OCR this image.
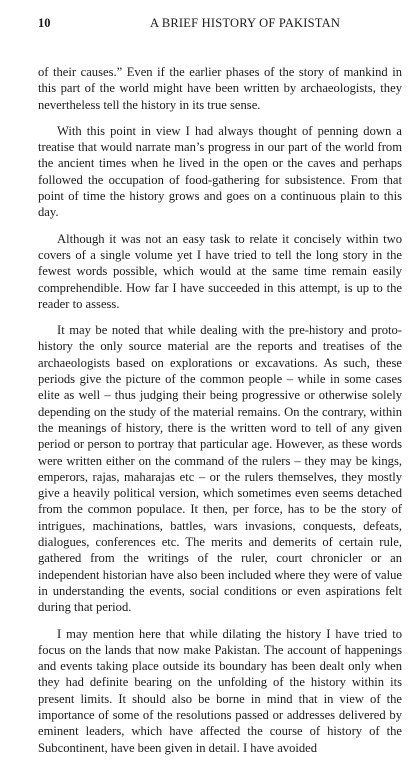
10	A BRIEF HISTORY OF PAKISTAN

of their causes.” Even if the earlier phases of the story of mankind in this part of the world might have been written by archaeologists, they nevertheless tell the history in its true sense.

With this point in view I had always thought of penning down a treatise that would narrate man’s progress in our part of the world from the ancient times when he lived in the open or the caves and perhaps followed the occupation of food-gathering for subsistence. From that point of time the history grows and goes on a continuous plain to this day.

Although it was not an easy task to relate it concisely within two covers of a single volume yet I have tried to tell the long story in the fewest words possible, which would at the same time remain easily comprehendible. How far I have succeeded in this attempt, is up to the reader to assess.

It may be noted that while dealing with the pre-history and proto-history the only source material are the reports and treatises of the archaeologists based on explorations or excavations. As such, these periods give the picture of the common people – while in some cases elite as well – thus judging their being progressive or otherwise solely depending on the study of the material remains. On the contrary, within the meanings of history, there is the written word to tell of any given period or person to portray that particular age. However, as these words were written either on the command of the rulers – they may be kings, emperors, rajas, maharajas etc – or the rulers themselves, they mostly give a heavily political version, which sometimes even seems detached from the common populace. It then, per force, has to be the story of intrigues, machinations, battles, wars invasions, conquests, defeats, dialogues, conferences etc. The merits and demerits of certain rule, gathered from the writings of the ruler, court chronicler or an independent historian have also been included where they were of value in understanding the events, social conditions or even aspirations felt during that period.

I may mention here that while dilating the history I have tried to focus on the lands that now make Pakistan. The account of happenings and events taking place outside its boundary has been dealt only when they had definite bearing on the unfolding of the history within its present limits. It should also be borne in mind that in view of the importance of some of the resolutions passed or addresses delivered by eminent leaders, which have affected the course of history of the Subcontinent, have been given in detail. I have avoided
